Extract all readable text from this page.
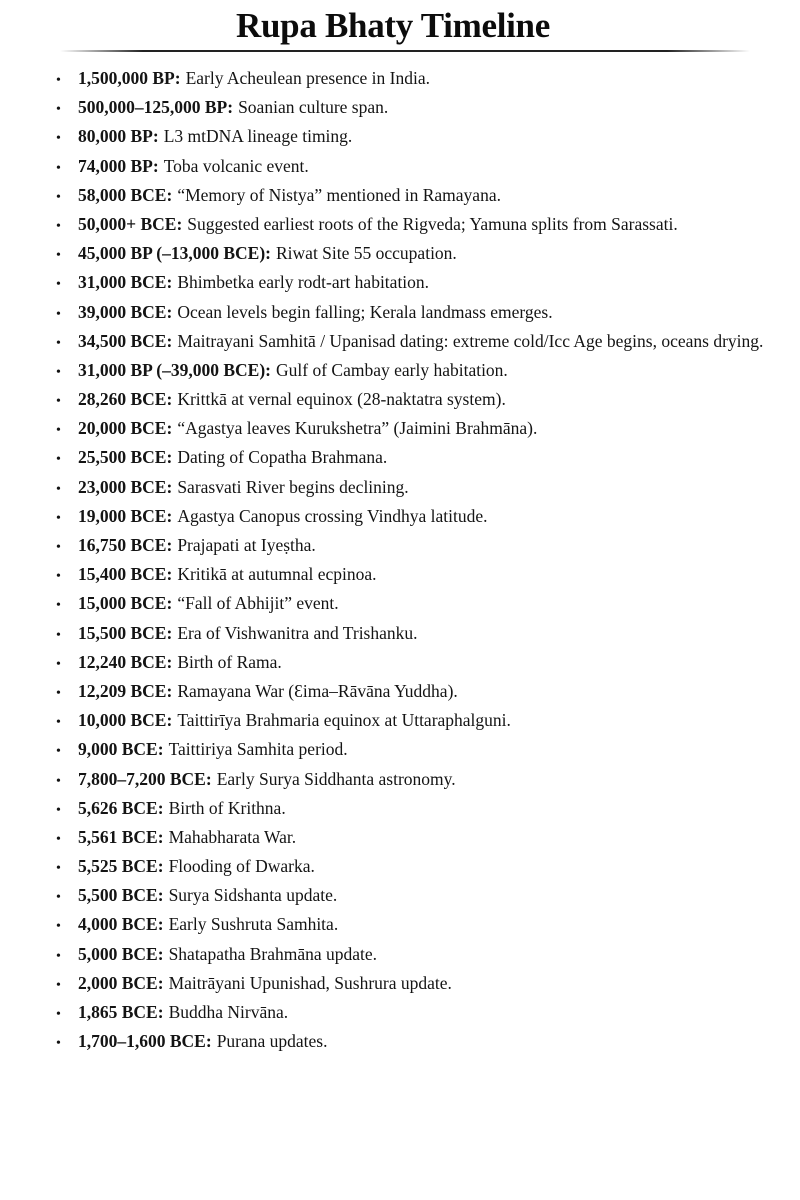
Rupa Bhaty Timeline
• 1,500,000 BP: Early Acheulean presence in India.
• 500,000–125,000 BP: Soanian culture span.
• 80,000 BP: L3 mtDNA lineage timing.
• 74,000 BP: Toba volcanic event.
• 58,000 BCE: “Memory of Nistya” mentioned in Ramayana.
• 50,000+ BCE: Suggested earliest roots of the Rigveda; Yamuna splits from Sarassati.
• 45,000 BP (–13,000 BCE): Riwat Site 55 occupation.
• 31,000 BCE: Bhimbetka early rodt-art habitation.
• 39,000 BCE: Ocean levels begin falling; Kerala landmass emerges.
• 34,500 BCE: Maitrayani Samhitā / Upanisad dating: extreme cold/Icc Age begins, oceans drying.
• 31,000 BP (–39,000 BCE): Gulf of Cambay early habitation.
• 28,260 BCE: Krittkā at vernal equinox (28-naktatra system).
• 20,000 BCE: “Agastya leaves Kurukshetra” (Jaimini Brahmāna).
• 25,500 BCE: Dating of Copatha Brahmana.
• 23,000 BCE: Sarasvati River begins declining.
• 19,000 BCE: Agastya Canopus crossing Vindhya latitude.
• 16,750 BCE: Prajapati at Iyeṣtha.
• 15,400 BCE: Kritikā at autumnal ecpinoa.
• 15,000 BCE: “Fall of Abhijit” event.
• 15,500 BCE: Era of Vishwanitra and Trishanku.
• 12,240 BCE: Birth of Rama.
• 12,209 BCE: Ramayana War (Ɛima–Rāvāna Yuddha).
• 10,000 BCE: Taittirīya Brahmaria equinox at Uttaraphalguni.
• 9,000 BCE: Taittiriya Samhita period.
• 7,800–7,200 BCE: Early Surya Siddhanta astronomy.
• 5,626 BCE: Birth of Krithna.
• 5,561 BCE: Mahabharata War.
• 5,525 BCE: Flooding of Dwarka.
• 5,500 BCE: Surya Sidshanta update.
• 4,000 BCE: Early Sushruta Samhita.
• 5,000 BCE: Shatapatha Brahmāna update.
• 2,000 BCE: Maitrāyani Upunishad, Sushrura update.
• 1,865 BCE: Buddha Nirvāna.
• 1,700–1,600 BCE: Purana updates.
